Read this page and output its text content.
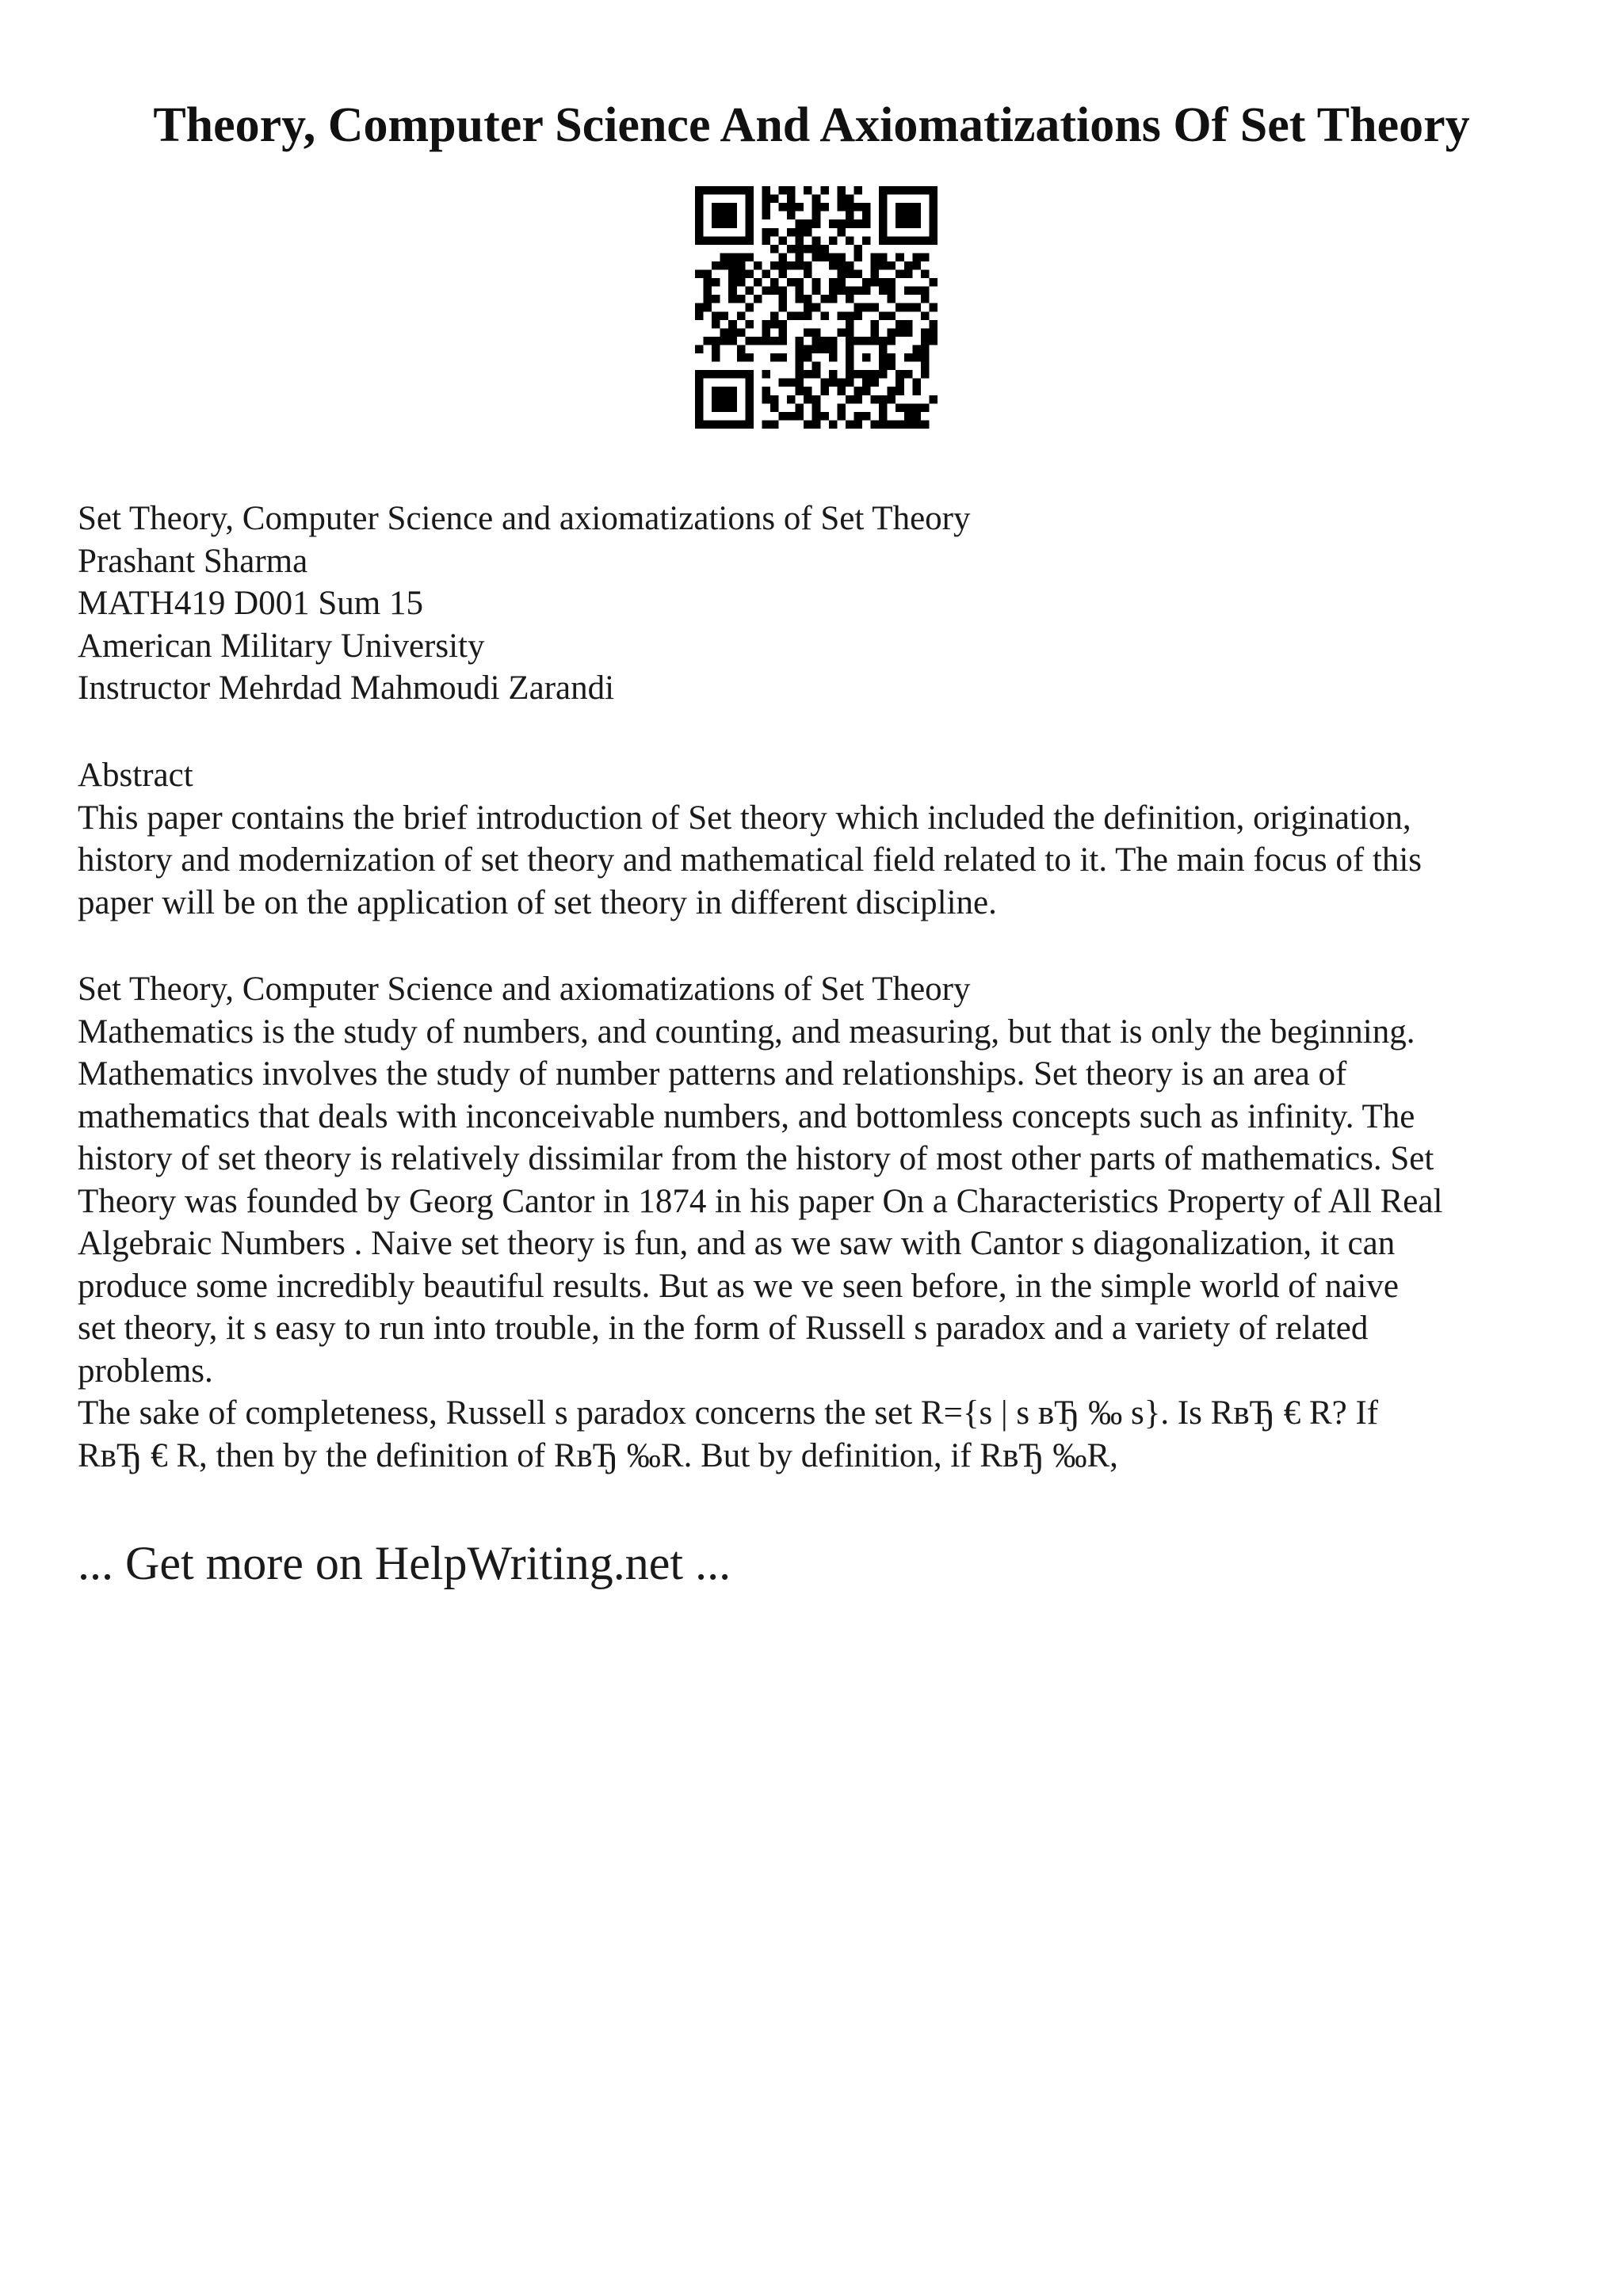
Theory, Computer Science And Axiomatizations Of Set Theory
Set Theory, Computer Science and axiomatizations of Set Theory
Prashant Sharma
MATH419 D001 Sum 15
American Military University
Instructor Mehrdad Mahmoudi Zarandi
Abstract
This paper contains the brief introduction of Set theory which included the definition, origination,
history and modernization of set theory and mathematical field related to it. The main focus of this
paper will be on the application of set theory in different discipline.
Set Theory, Computer Science and axiomatizations of Set Theory
Mathematics is the study of numbers, and counting, and measuring, but that is only the beginning.
Mathematics involves the study of number patterns and relationships. Set theory is an area of
mathematics that deals with inconceivable numbers, and bottomless concepts such as infinity. The
history of set theory is relatively dissimilar from the history of most other parts of mathematics. Set
Theory was founded by Georg Cantor in 1874 in his paper On a Characteristics Property of All Real
Algebraic Numbers . Naive set theory is fun, and as we saw with Cantor s diagonalization, it can
produce some incredibly beautiful results. But as we ve seen before, in the simple world of naive
set theory, it s easy to run into trouble, in the form of Russell s paradox and a variety of related
problems.
The sake of completeness, Russell s paradox concerns the set R={s | s вЂ ‰ s}. Is RвЂ € R? If
RвЂ € R, then by the definition of RвЂ ‰R. But by definition, if RвЂ ‰R,
... Get more on HelpWriting.net ...
